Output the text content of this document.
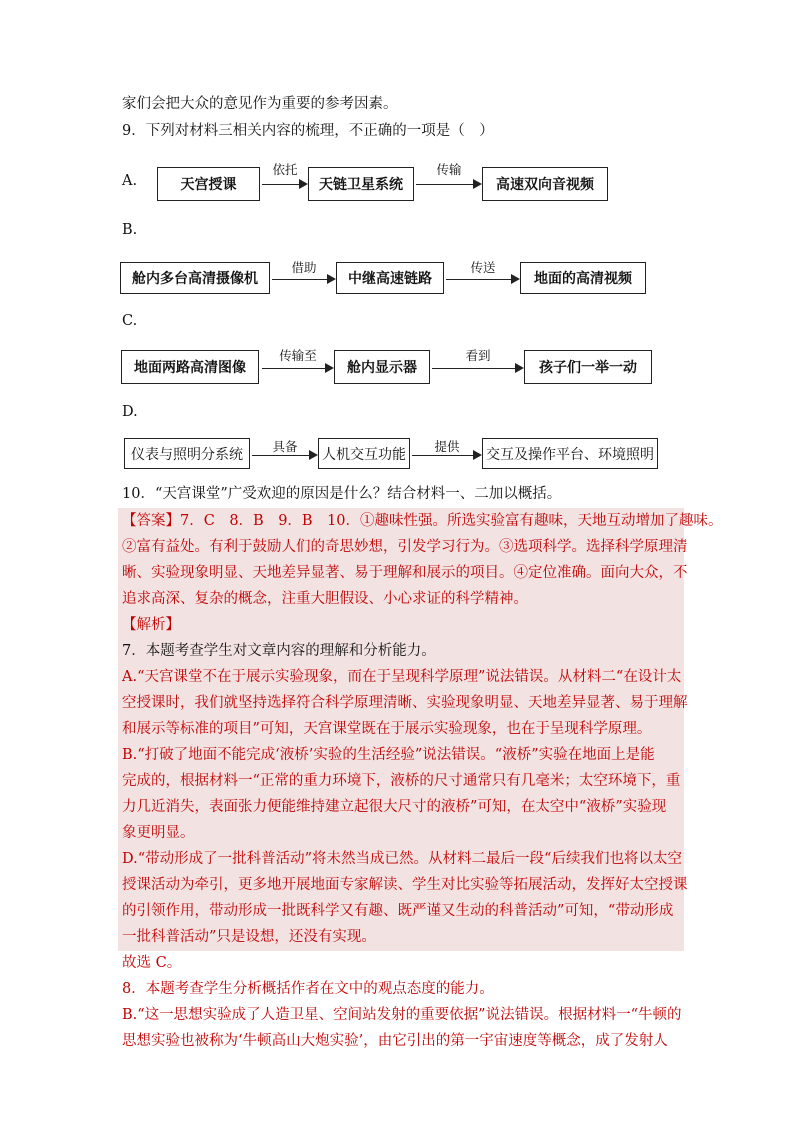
家们会把大众的意见作为重要的参考因素。
9．下列对材料三相关内容的梳理，不正确的一项是（　）
A.	天宫授课
依托
天链卫星系统
传输
高速双向音视频
B.
舱内多台高清摄像机
借助
中继高速链路
传送
地面的高清视频
C.
地面两路高清图像
传输至
舱内显示器
看到
孩子们一举一动
D.
仪表与照明分系统	具备	人机交互功能	提供	交互及操作平台、环境照明
10．“天宫课堂”广受欢迎的原因是什么？结合材料一、二加以概括。
【答案】7．C　8．B　9．B　10．①趣味性强。所选实验富有趣味，天地互动增加了趣味。
②富有益处。有利于鼓励人们的奇思妙想，引发学习行为。③选项科学。选择科学原理清
晰、实验现象明显、天地差异显著、易于理解和展示的项目。④定位准确。面向大众，不
追求高深、复杂的概念，注重大胆假设、小心求证的科学精神。
【解析】
7．本题考查学生对文章内容的理解和分析能力。
A.“天宫课堂不在于展示实验现象，而在于呈现科学原理”说法错误。从材料二“在设计太
空授课时，我们就坚持选择符合科学原理清晰、实验现象明显、天地差异显著、易于理解
和展示等标准的项目”可知，天宫课堂既在于展示实验现象，也在于呈现科学原理。
B.“打破了地面不能完成‘液桥’实验的生活经验”说法错误。“液桥”实验在地面上是能
完成的，根据材料一“正常的重力环境下，液桥的尺寸通常只有几毫米；太空环境下，重
力几近消失，表面张力便能维持建立起很大尺寸的液桥”可知，在太空中“液桥”实验现
象更明显。
D.“带动形成了一批科普活动”将未然当成已然。从材料二最后一段“后续我们也将以太空
授课活动为牵引，更多地开展地面专家解读、学生对比实验等拓展活动，发挥好太空授课
的引领作用，带动形成一批既科学又有趣、既严谨又生动的科普活动”可知，“带动形成
一批科普活动”只是设想，还没有实现。
故选 C。
8．本题考查学生分析概括作者在文中的观点态度的能力。
B.“这一思想实验成了人造卫星、空间站发射的重要依据”说法错误。根据材料一“牛顿的
思想实验也被称为‘牛顿高山大炮实验’，由它引出的第一宇宙速度等概念，成了发射人
